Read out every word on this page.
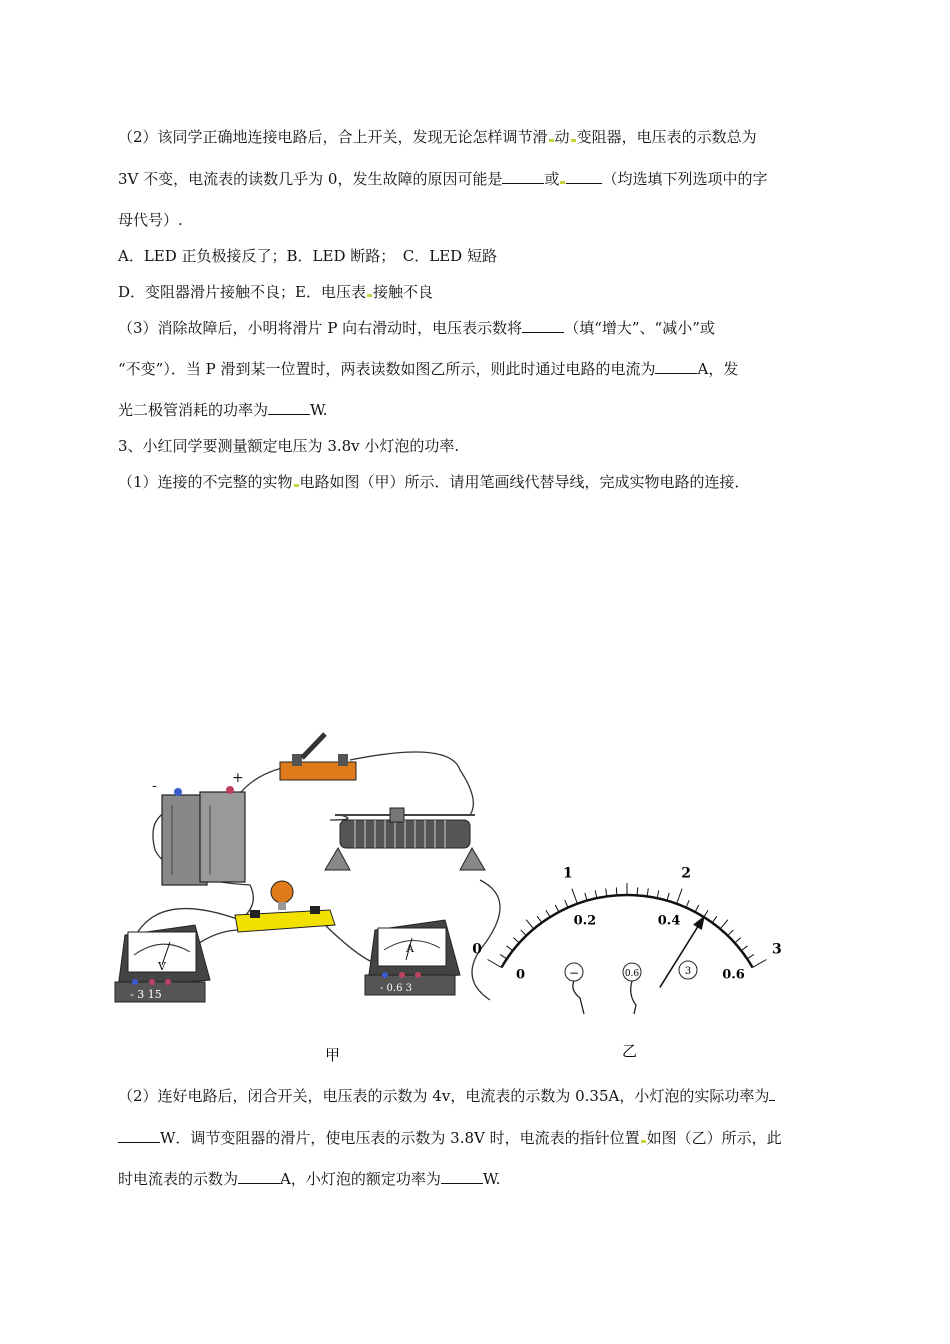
（2）该同学正确地连接电路后，合上开关，发现无论怎样调节滑 动 变阻器，电压表的示数总为
3V 不变，电流表的读数几乎为 0，发生故障的原因可能是	或	（均选填下列选项中的字
母代号）.
A．LED 正负极接反了；B．LED 断路；　C．LED 短路
D．变阻器滑片接触不良；E．电压表 接触不良
（3）消除故障后，小明将滑片 P 向右滑动时，电压表示数将	（填“增大”、“减小”或
“不变”）．当 P 滑到某一位置时，两表读数如图乙所示，则此时通过电路的电流为	A，发
光二极管消耗的功率为	W.
3、小红同学要测量额定电压为 3.8v 小灯泡的功率.
（1）连接的不完整的实物 电路如图（甲）所示．请用笔画线代替导线，完成实物电路的连接．
-	+
V
- 3 15
A
- 0.6 3
0
1	2
3
0
0.2	0.4
0.6
−	0.6	3
甲	乙
（2）连好电路后，闭合开关，电压表的示数为 4v，电流表的示数为 0.35A，小灯泡的实际功率为
W．调节变阻器的滑片，使电压表的示数为 3.8V 时，电流表的指针位置 如图（乙）所示，此
时电流表的示数为	A，小灯泡的额定功率为	W.
